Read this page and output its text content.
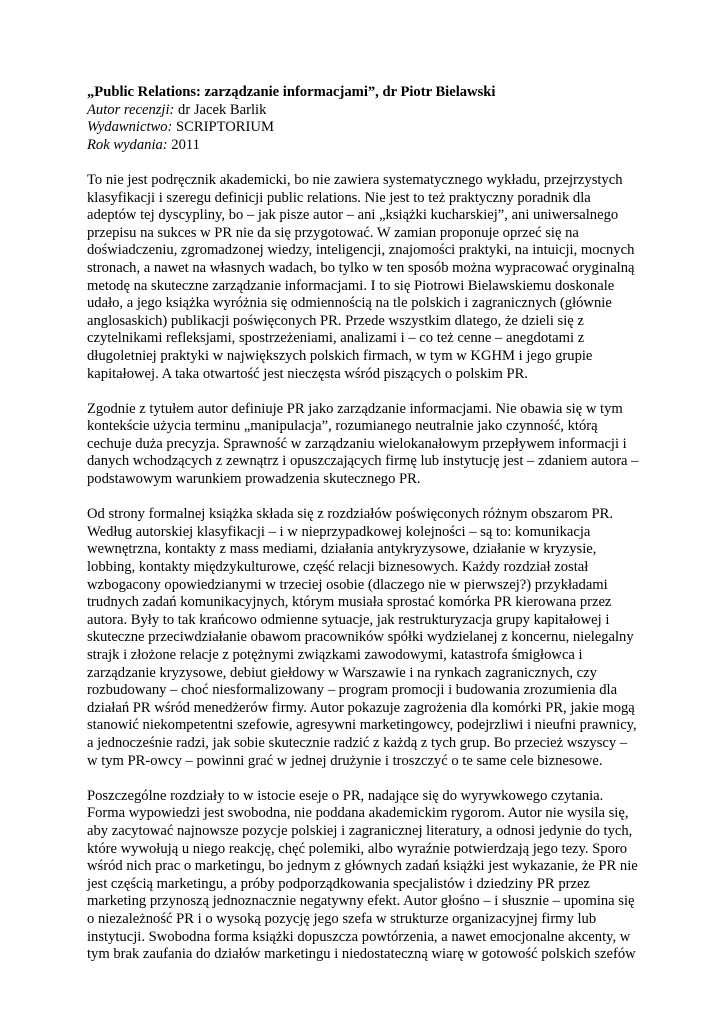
„Public Relations: zarządzanie informacjami”, dr Piotr Bielawski

Autor recenzji: dr Jacek Barlik

Wydawnictwo: SCRIPTORIUM

Rok wydania: 2011

To nie jest podręcznik akademicki, bo nie zawiera systematycznego wykładu, przejrzystych
klasyfikacji i szeregu definicji public relations. Nie jest to też praktyczny poradnik dla
adeptów tej dyscypliny, bo – jak pisze autor – ani „książki kucharskiej”, ani uniwersalnego
przepisu na sukces w PR nie da się przygotować. W zamian proponuje oprzeć się na
doświadczeniu, zgromadzonej wiedzy, inteligencji, znajomości praktyki, na intuicji, mocnych
stronach, a nawet na własnych wadach, bo tylko w ten sposób można wypracować oryginalną
metodę na skuteczne zarządzanie informacjami. I to się Piotrowi Bielawskiemu doskonale
udało, a jego książka wyróżnia się odmiennością na tle polskich i zagranicznych (głównie
anglosaskich) publikacji poświęconych PR. Przede wszystkim dlatego, że dzieli się z
czytelnikami refleksjami, spostrzeżeniami, analizami i – co też cenne – anegdotami z
długoletniej praktyki w największych polskich firmach, w tym w KGHM i jego grupie
kapitałowej. A taka otwartość jest nieczęsta wśród piszących o polskim PR.

Zgodnie z tytułem autor definiuje PR jako zarządzanie informacjami. Nie obawia się w tym
kontekście użycia terminu „manipulacja”, rozumianego neutralnie jako czynność, którą
cechuje duża precyzja. Sprawność w zarządzaniu wielokanałowym przepływem informacji i
danych wchodzących z zewnątrz i opuszczających firmę lub instytucję jest – zdaniem autora –
podstawowym warunkiem prowadzenia skutecznego PR.

Od strony formalnej książka składa się z rozdziałów poświęconych różnym obszarom PR.
Według autorskiej klasyfikacji – i w nieprzypadkowej kolejności – są to: komunikacja
wewnętrzna, kontakty z mass mediami, działania antykryzysowe, działanie w kryzysie,
lobbing, kontakty międzykulturowe, część relacji biznesowych. Każdy rozdział został
wzbogacony opowiedzianymi w trzeciej osobie (dlaczego nie w pierwszej?) przykładami
trudnych zadań komunikacyjnych, którym musiała sprostać komórka PR kierowana przez
autora. Były to tak krańcowo odmienne sytuacje, jak restrukturyzacja grupy kapitałowej i
skuteczne przeciwdziałanie obawom pracowników spółki wydzielanej z koncernu, nielegalny
strajk i złożone relacje z potężnymi związkami zawodowymi, katastrofa śmigłowca i
zarządzanie kryzysowe, debiut giełdowy w Warszawie i na rynkach zagranicznych, czy
rozbudowany – choć niesformalizowany – program promocji i budowania zrozumienia dla
działań PR wśród menedżerów firmy. Autor pokazuje zagrożenia dla komórki PR, jakie mogą
stanowić niekompetentni szefowie, agresywni marketingowcy, podejrzliwi i nieufni prawnicy,
a jednocześnie radzi, jak sobie skutecznie radzić z każdą z tych grup. Bo przecież wszyscy –
w tym PR-owcy – powinni grać w jednej drużynie i troszczyć o te same cele biznesowe.

Poszczególne rozdziały to w istocie eseje o PR, nadające się do wyrywkowego czytania.
Forma wypowiedzi jest swobodna, nie poddana akademickim rygorom. Autor nie wysila się,
aby zacytować najnowsze pozycje polskiej i zagranicznej literatury, a odnosi jedynie do tych,
które wywołują u niego reakcję, chęć polemiki, albo wyraźnie potwierdzają jego tezy. Sporo
wśród nich prac o marketingu, bo jednym z głównych zadań książki jest wykazanie, że PR nie
jest częścią marketingu, a próby podporządkowania specjalistów i dziedziny PR przez
marketing przynoszą jednoznacznie negatywny efekt. Autor głośno – i słusznie – upomina się
o niezależność PR i o wysoką pozycję jego szefa w strukturze organizacyjnej firmy lub
instytucji. Swobodna forma książki dopuszcza powtórzenia, a nawet emocjonalne akcenty, w
tym brak zaufania do działów marketingu i niedostateczną wiarę w gotowość polskich szefów
